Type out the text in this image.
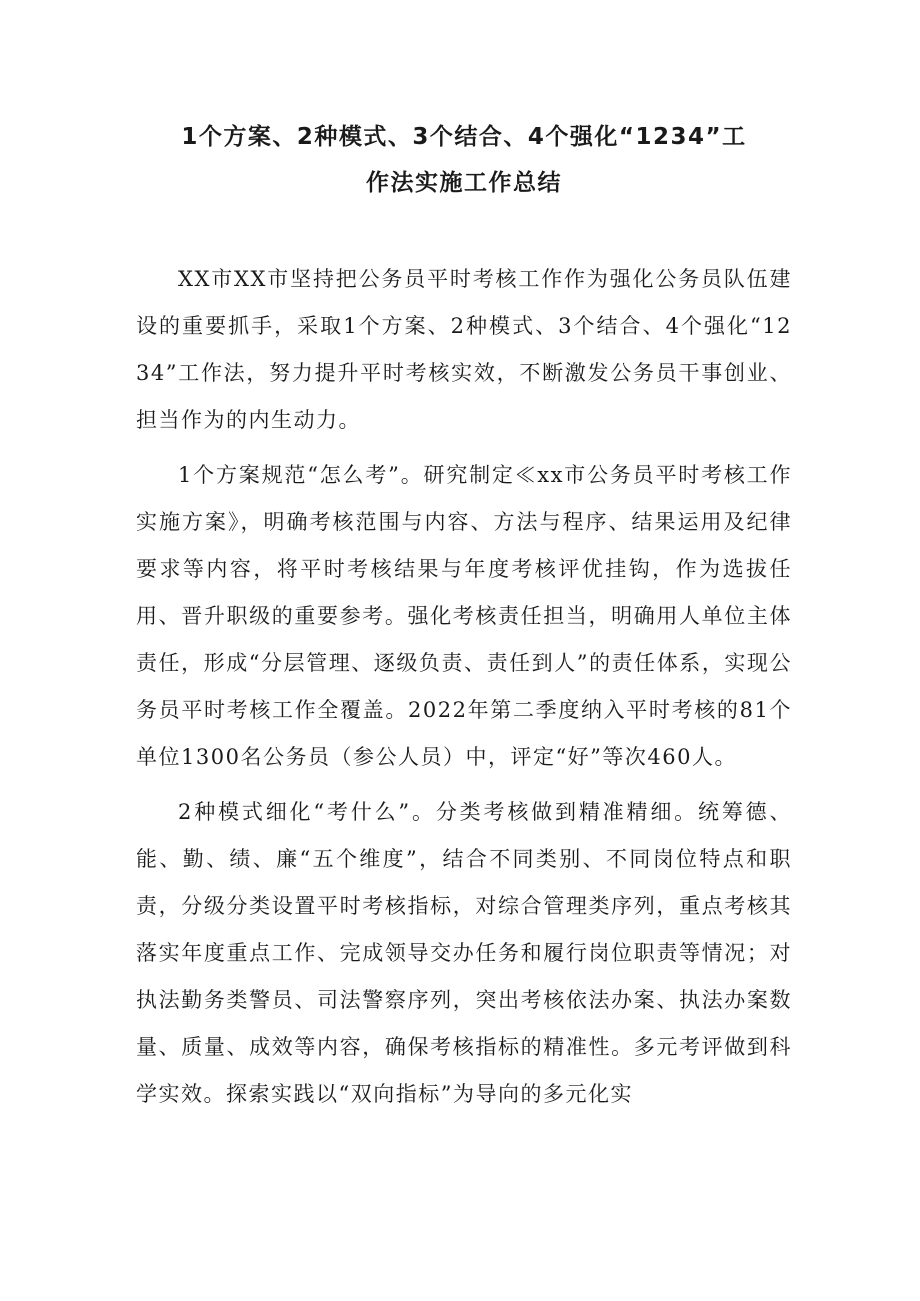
1个方案、2种模式、3个结合、4个强化“1234”工
作法实施工作总结

XX市XX市坚持把公务员平时考核工作作为强化公务员队伍建设的重要抓手，采取1个方案、2种模式、3个结合、4个强化“1234”工作法，努力提升平时考核实效，不断激发公务员干事创业、担当作为的内生动力。

1个方案规范“怎么考”。研究制定≪xx市公务员平时考核工作实施方案》，明确考核范围与内容、方法与程序、结果运用及纪律要求等内容，将平时考核结果与年度考核评优挂钩，作为选拔任用、晋升职级的重要参考。强化考核责任担当，明确用人单位主体责任，形成“分层管理、逐级负责、责任到人”的责任体系，实现公务员平时考核工作全覆盖。2022年第二季度纳入平时考核的81个单位1300名公务员（参公人员）中，评定“好”等次460人。

2种模式细化“考什么”。分类考核做到精准精细。统筹德、能、勤、绩、廉“五个维度”，结合不同类别、不同岗位特点和职责，分级分类设置平时考核指标，对综合管理类序列，重点考核其落实年度重点工作、完成领导交办任务和履行岗位职责等情况；对执法勤务类警员、司法警察序列，突出考核依法办案、执法办案数量、质量、成效等内容，确保考核指标的精准性。多元考评做到科学实效。探索实践以“双向指标”为导向的多元化实
